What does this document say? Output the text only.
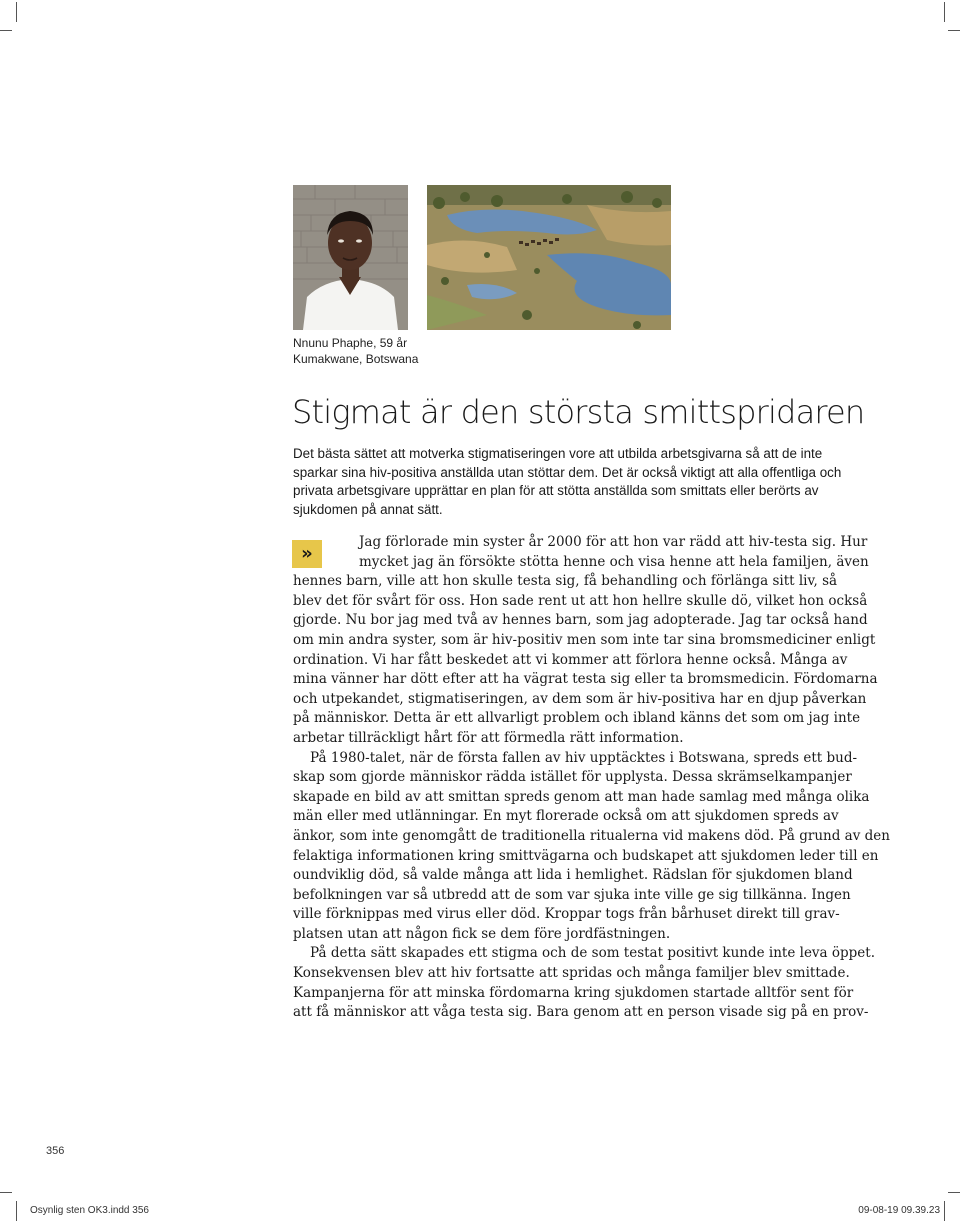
Nnunu Phaphe, 59 år
Kumakwane, Botswana
Stigmat är den största smittspridaren

Det bästa sättet att motverka stigmatiseringen vore att utbilda arbetsgivarna så att de inte sparkar sina hiv-positiva anställda utan stöttar dem. Det är också viktigt att alla offentliga och privata arbetsgivare upprättar en plan för att stötta anställda som smittats eller berörts av sjukdomen på annat sätt.

»
Jag förlorade min syster år 2000 för att hon var rädd att hiv-testa sig. Hur
mycket jag än försökte stötta henne och visa henne att hela familjen, även
hennes barn, ville att hon skulle testa sig, få behandling och förlänga sitt liv, så
blev det för svårt för oss. Hon sade rent ut att hon hellre skulle dö, vilket hon också
gjorde. Nu bor jag med två av hennes barn, som jag adopterade. Jag tar också hand
om min andra syster, som är hiv-positiv men som inte tar sina bromsmediciner enligt
ordination. Vi har fått beskedet att vi kommer att förlora henne också. Många av
mina vänner har dött efter att ha vägrat testa sig eller ta bromsmedicin. Fördomarna
och utpekandet, stigmatiseringen, av dem som är hiv-positiva har en djup påverkan
på människor. Detta är ett allvarligt problem och ibland känns det som om jag inte
arbetar tillräckligt hårt för att förmedla rätt information.
På 1980-talet, när de första fallen av hiv upptäcktes i Botswana, spreds ett bud-
skap som gjorde människor rädda istället för upplysta. Dessa skrämselkampanjer
skapade en bild av att smittan spreds genom att man hade samlag med många olika
män eller med utlänningar. En myt florerade också om att sjukdomen spreds av
änkor, som inte genomgått de traditionella ritualerna vid makens död. På grund av den
felaktiga informationen kring smittvägarna och budskapet att sjukdomen leder till en
oundviklig död, så valde många att lida i hemlighet. Rädslan för sjukdomen bland
befolkningen var så utbredd att de som var sjuka inte ville ge sig tillkänna. Ingen
ville förknippas med virus eller död. Kroppar togs från bårhuset direkt till grav-
platsen utan att någon fick se dem före jordfästningen.
På detta sätt skapades ett stigma och de som testat positivt kunde inte leva öppet.
Konsekvensen blev att hiv fortsatte att spridas och många familjer blev smittade.
Kampanjerna för att minska fördomarna kring sjukdomen startade alltför sent för
att få människor att våga testa sig. Bara genom att en person visade sig på en prov-
356
Osynlig sten OK3.indd 356	09-08-19 09.39.23
